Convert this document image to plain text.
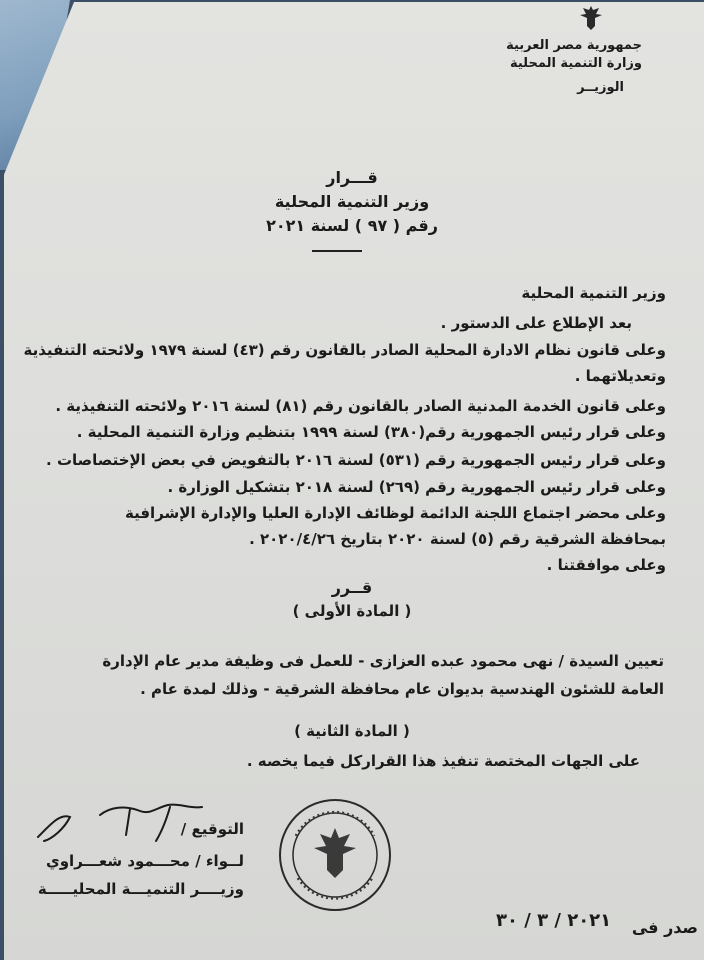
جمهورية مصر العربية
وزارة التنمية المحلية
الوزيــر
قـــرار
وزير التنمية المحلية
رقم ( ٩٧ ) لسنة ٢٠٢١
وزير التنمية المحلية
بعد الإطلاع على الدستور .
وعلى قانون نظام الادارة المحلية الصادر بالقانون رقم (٤٣) لسنة ١٩٧٩ ولائحته التنفيذية
وتعديلاتهما .
وعلى قانون الخدمة المدنية الصادر بالقانون رقم (٨١) لسنة ٢٠١٦ ولائحته التنفيذية .
وعلى قرار رئيس الجمهورية رقم(٣٨٠) لسنة ١٩٩٩ بتنظيم وزارة التنمية المحلية .
وعلى قرار رئيس الجمهورية رقم (٥٣١) لسنة ٢٠١٦ بالتفويض في بعض الإختصاصات .
وعلى قرار رئيس الجمهورية رقم (٢٦٩) لسنة ٢٠١٨ بتشكيل الوزارة .
وعلى محضر اجتماع اللجنة الدائمة لوظائف الإدارة العليا والإدارة الإشرافية
بمحافظة الشرقية رقم (٥) لسنة ٢٠٢٠ بتاريخ ٢٠٢٠/٤/٢٦ .
وعلى موافقتنا .
قــرر
( المادة الأولى )
تعيين السيدة / نهى محمود عبده العزازى - للعمل فى وظيفة مدير عام الإدارة
العامة للشئون الهندسية بديوان عام محافظة الشرقية - وذلك لمدة عام .
( المادة الثانية )
على الجهات المختصة تنفيذ هذا القراركل فيما يخصه .
التوقيع /
لــواء / محـــمود شعـــراوي
وزيــــر التنميـــة المحليـــــة
صدر فى
٢٠٢١ / ٣ / ٣٠
